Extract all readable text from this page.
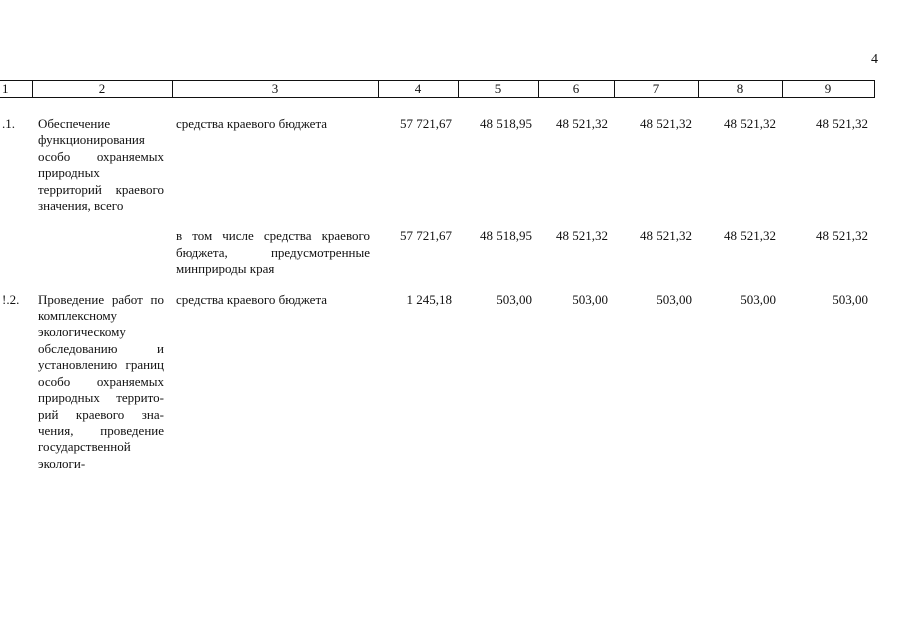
4
1	2	3	4	5	6	7	8	9
.1.	Обеспечение функционирования особо охраняемых природных территорий краевого значения, всего	средства краевого бюджета	57 721,67	48 518,95	48 521,32	48 521,32	48 521,32	48 521,32

		в том числе средства краевого бюджета, предусмотренные минприроды края	57 721,67	48 518,95	48 521,32	48 521,32	48 521,32	48 521,32

!.2.	Проведение работ по комплексному экологическому обследованию и установлению границ особо охраняемых природных территорий краевого значения, проведение государственной экологи-	средства краевого бюджета	1 245,18	503,00	503,00	503,00	503,00	503,00
